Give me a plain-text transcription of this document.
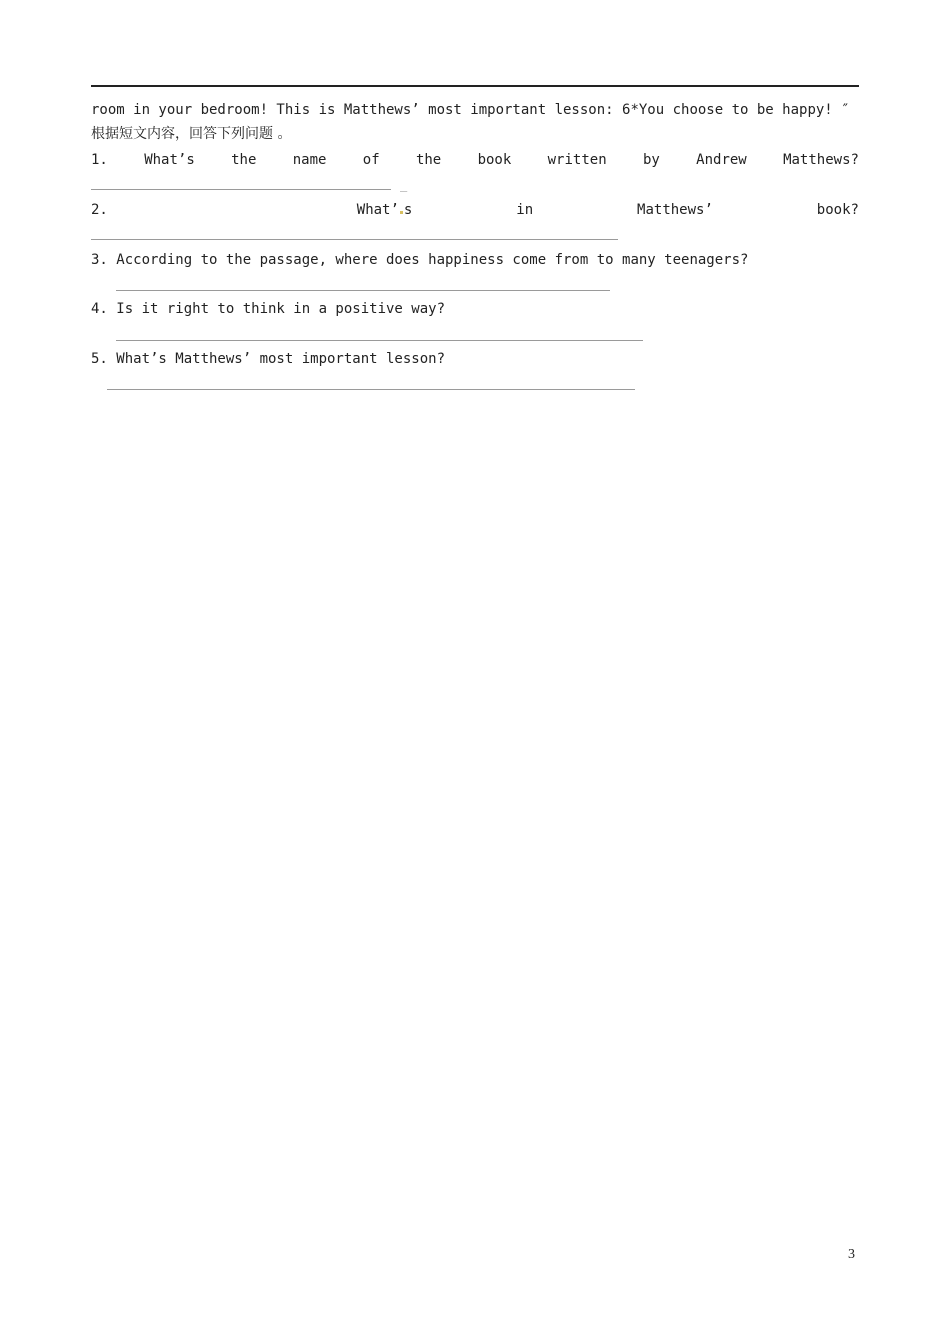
room in your bedroom! This is Matthews’ most important lesson: 6*You choose to be happy! ″
根据短文内容，回答下列问题 。
1.	What’s	the	name	of	the	book	written	by	Andrew	Matthews?
_
2.	What’ s	in	Matthews’	book?
3. According to the passage, where does happiness come from to many teenagers?
4. Is it right to think in a positive way?
5. What’s Matthews’ most important lesson?
3
